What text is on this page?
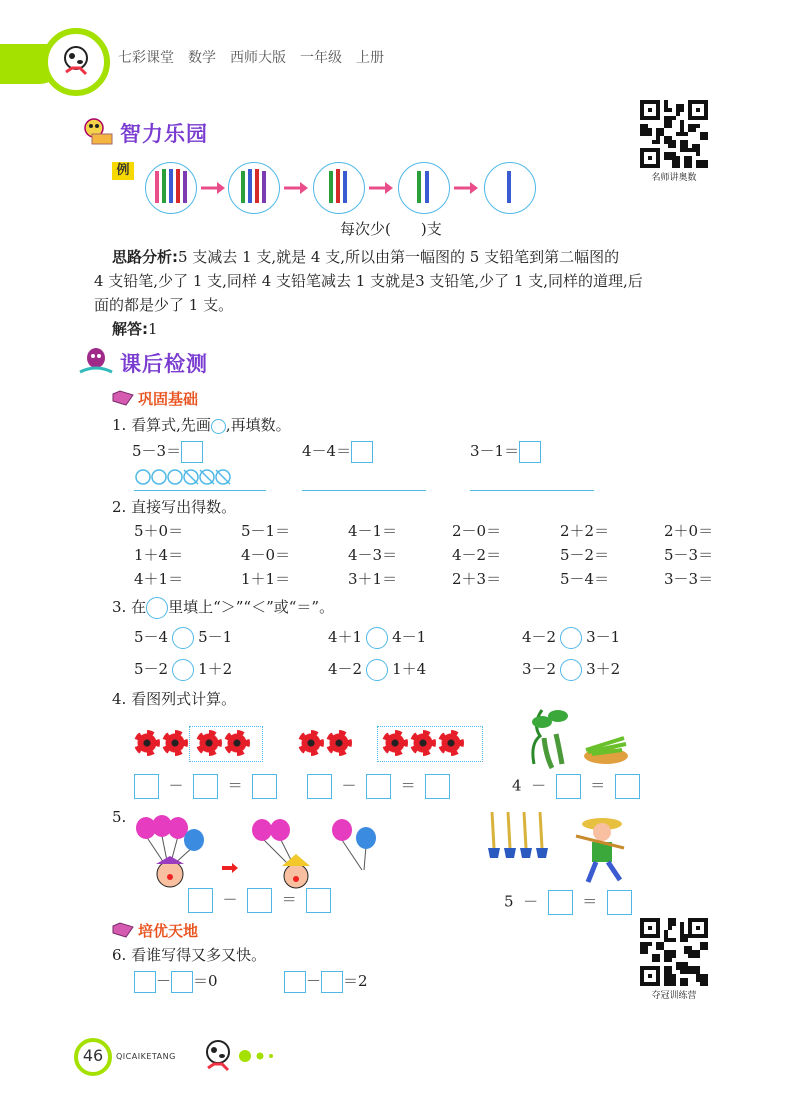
七彩课堂　数学　西师大版　一年级　上册
名师讲奥数
智力乐园
例
每次少(　　)支
思路分析:5 支减去 1 支,就是 4 支,所以由第一幅图的 5 支铅笔到第二幅图的
4 支铅笔,少了 1 支,同样 4 支铅笔减去 1 支就是3 支铅笔,少了 1 支,同样的道理,后
面的都是少了 1 支。
解答:1
课后检测
巩固基础
1. 看算式,先画 ,再填数。
5－3＝	4－4＝	3－1＝
2. 直接写出得数。
5＋0＝	5－1＝	4－1＝	2－0＝	2＋2＝	2＋0＝
1＋4＝	4－0＝	4－3＝	4－2＝	5－2＝	5－3＝
4＋1＝	1＋1＝	3＋1＝	2＋3＝	5－4＝	3－3＝
3. 在 里填上“＞”“＜”或“＝”。
5－4 5－1	4＋1 4－1	4－2 3－1
5－2 1＋2	4－2 1＋4	3－2 3＋2
4. 看图列式计算。
－	＝	－	＝	4 －	＝
5.
－	＝	5 －	＝
培优天地
6. 看谁写得又多又快。
－ ＝0	－ ＝2
夺冠训练营
46	QICAIKETANG
